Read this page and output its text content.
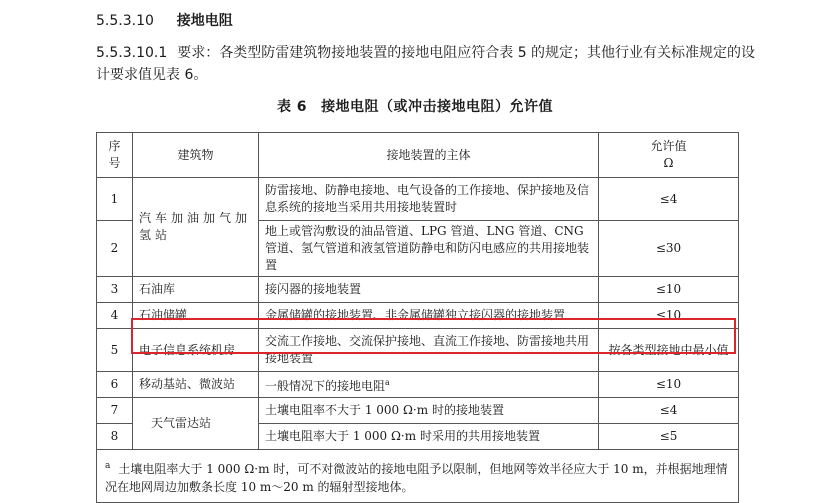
5.5.3.10 接地电阻
5.5.3.10.1 要求：各类型防雷建筑物接地装置的接地电阻应符合表 5 的规定；其他行业有关标准规定的设计要求值见表 6。
表 6 接地电阻（或冲击接地电阻）允许值
序号	建筑物	接地装置的主体	允许值
Ω

1	汽车加油加气加氢站	防雷接地、防静电接地、电气设备的工作接地、保护接地及信息系统的接地当采用共用接地装置时	≤4
2		地上或管沟敷设的油品管道、LPG 管道、LNG 管道、CNG 管道、氢气管道和液氢管道防静电和防闪电感应的共用接地装置	≤30
3	石油库	接闪器的接地装置	≤10
4	石油储罐	金属储罐的接地装置、非金属储罐独立接闪器的接地装置	≤10
5	电子信息系统机房	交流工作接地、交流保护接地、直流工作接地、防雷接地共用接地装置	按各类型接地中最小值
6	移动基站、微波站	一般情况下的接地电阻$^a$	≤10
7	天气雷达站	土壤电阻率不大于 1 000 Ω·m 时的接地装置	≤4
8		土壤电阻率大于 1 000 Ω·m 时采用的共用接地装置	≤5
$^a$ 土壤电阻率大于 1 000 Ω·m 时，可不对微波站的接地电阻予以限制，但地网等效半径应大于 10 m，并根据地理情况在地网周边加敷条长度 10 m～20 m 的辐射型接地体。			
